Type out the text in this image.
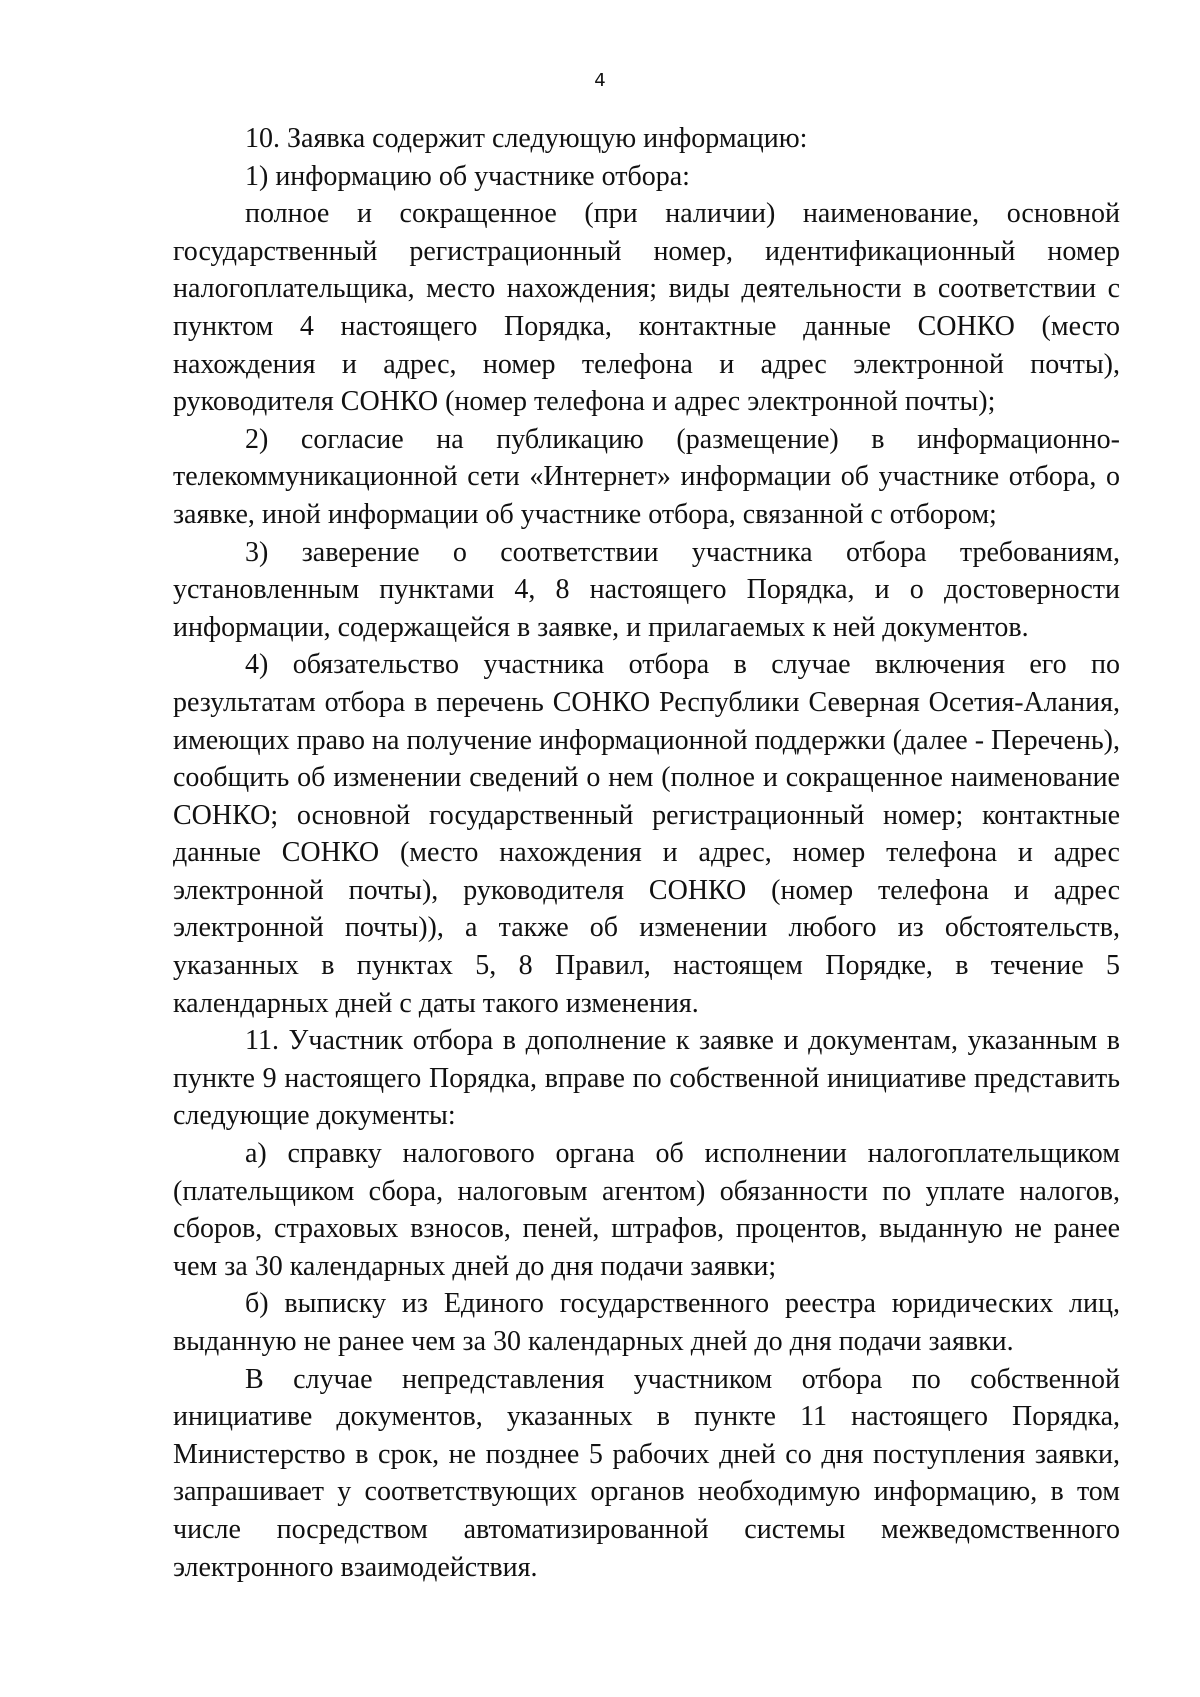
4

10. Заявка содержит следующую информацию:

1) информацию об участнике отбора:

полное и сокращенное (при наличии) наименование, основной государственный регистрационный номер, идентификационный номер налогоплательщика, место нахождения; виды деятельности в соответствии с пунктом 4 настоящего Порядка, контактные данные СОНКО (место нахождения и адрес, номер телефона и адрес электронной почты), руководителя СОНКО (номер телефона и адрес электронной почты);

2) согласие на публикацию (размещение) в информационно-телекоммуникационной сети «Интернет» информации об участнике отбора, о заявке, иной информации об участнике отбора, связанной с отбором;

3) заверение о соответствии участника отбора требованиям, установленным пунктами 4, 8 настоящего Порядка, и о достоверности информации, содержащейся в заявке, и прилагаемых к ней документов.

4) обязательство участника отбора в случае включения его по результатам отбора в перечень СОНКО Республики Северная Осетия-Алания, имеющих право на получение информационной поддержки (далее - Перечень), сообщить об изменении сведений о нем (полное и сокращенное наименование СОНКО; основной государственный регистрационный номер; контактные данные СОНКО (место нахождения и адрес, номер телефона и адрес электронной почты), руководителя СОНКО (номер телефона и адрес электронной почты)), а также об изменении любого из обстоятельств, указанных в пунктах 5, 8 Правил, настоящем Порядке, в течение 5 календарных дней с даты такого изменения.

11. Участник отбора в дополнение к заявке и документам, указанным в пункте 9 настоящего Порядка, вправе по собственной инициативе представить следующие документы:

а) справку налогового органа об исполнении налогоплательщиком (плательщиком сбора, налоговым агентом) обязанности по уплате налогов, сборов, страховых взносов, пеней, штрафов, процентов, выданную не ранее чем за 30 календарных дней до дня подачи заявки;

б) выписку из Единого государственного реестра юридических лиц, выданную не ранее чем за 30 календарных дней до дня подачи заявки.

В случае непредставления участником отбора по собственной инициативе документов, указанных в пункте 11 настоящего Порядка, Министерство в срок, не позднее 5 рабочих дней со дня поступления заявки, запрашивает у соответствующих органов необходимую информацию, в том числе посредством автоматизированной системы межведомственного электронного взаимодействия.
